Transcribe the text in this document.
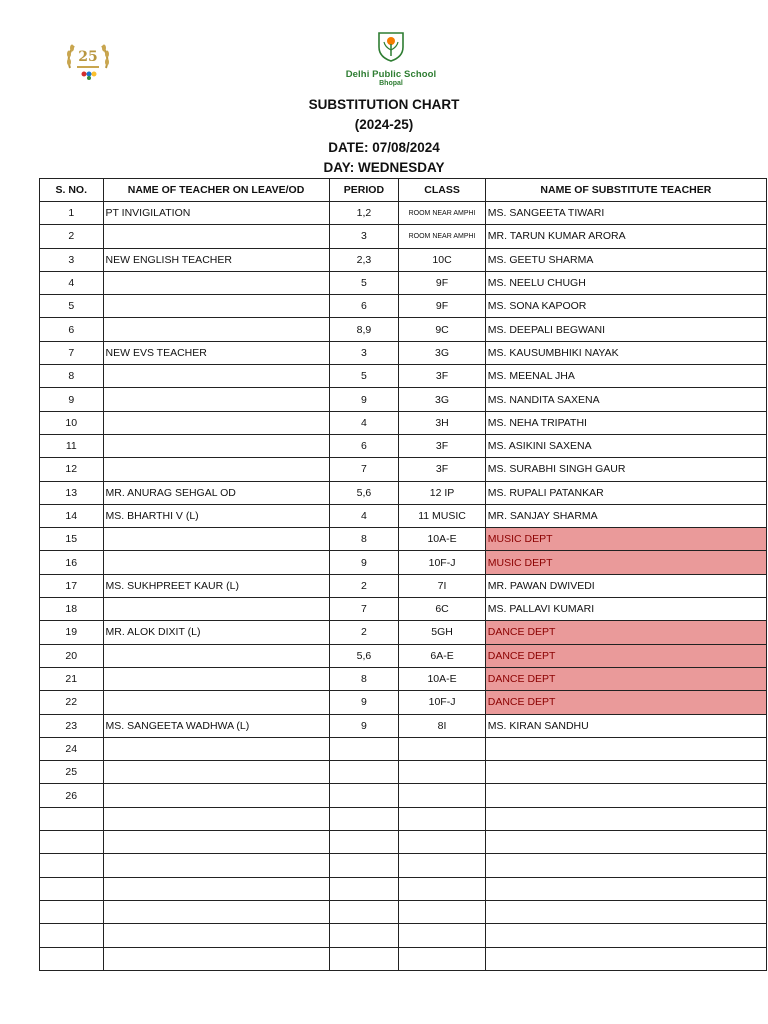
25
Delhi Public School
Bhopal
SUBSTITUTION CHART
(2024-25)
DATE: 07/08/2024
DAY: WEDNESDAY
S. NO.	NAME OF TEACHER ON LEAVE/OD	PERIOD	CLASS	NAME OF SUBSTITUTE TEACHER
1	PT INVIGILATION	1,2	ROOM NEAR AMPHI	MS. SANGEETA TIWARI
2		3	ROOM NEAR AMPHI	MR. TARUN KUMAR ARORA
3	NEW ENGLISH TEACHER	2,3	10C	MS. GEETU SHARMA
4		5	9F	MS. NEELU CHUGH
5		6	9F	MS. SONA KAPOOR
6		8,9	9C	MS. DEEPALI BEGWANI
7	NEW EVS TEACHER	3	3G	MS. KAUSUMBHIKI NAYAK
8		5	3F	MS. MEENAL JHA
9		9	3G	MS. NANDITA SAXENA
10		4	3H	MS. NEHA TRIPATHI
11		6	3F	MS. ASIKINI SAXENA
12		7	3F	MS. SURABHI SINGH GAUR
13	MR. ANURAG SEHGAL OD	5,6	12 IP	MS. RUPALI PATANKAR
14	MS. BHARTHI V (L)	4	11 MUSIC	MR. SANJAY SHARMA
15		8	10A-E	MUSIC DEPT
16		9	10F-J	MUSIC DEPT
17	MS. SUKHPREET KAUR (L)	2	7I	MR. PAWAN DWIVEDI
18		7	6C	MS. PALLAVI KUMARI
19	MR. ALOK DIXIT (L)	2	5GH	DANCE DEPT
20		5,6	6A-E	DANCE DEPT
21		8	10A-E	DANCE DEPT
22		9	10F-J	DANCE DEPT
23	MS. SANGEETA WADHWA (L)	9	8I	MS. KIRAN SANDHU
24				
25				
26				
